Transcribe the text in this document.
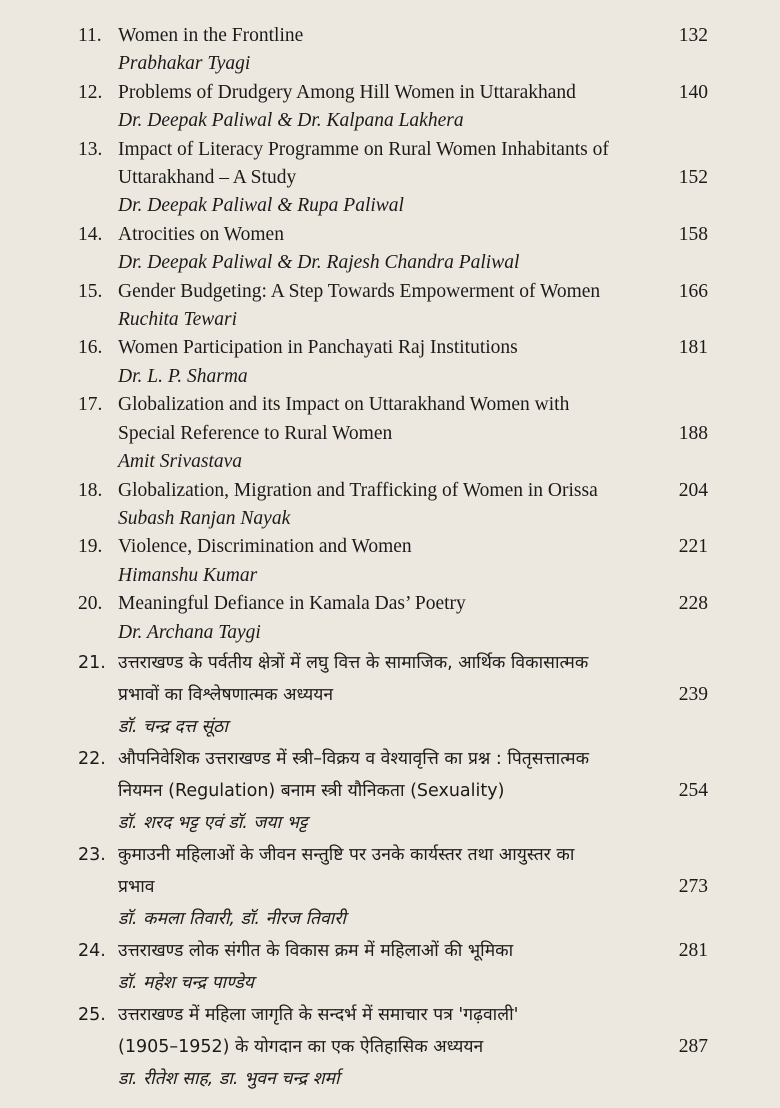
11. Women in the Frontline	132
Prabhakar Tyagi
12. Problems of Drudgery Among Hill Women in Uttarakhand	140
Dr. Deepak Paliwal & Dr. Kalpana Lakhera
13. Impact of Literacy Programme on Rural Women Inhabitants of
Uttarakhand – A Study	152
Dr. Deepak Paliwal & Rupa Paliwal
14. Atrocities on Women	158
Dr. Deepak Paliwal & Dr. Rajesh Chandra Paliwal
15. Gender Budgeting: A Step Towards Empowerment of Women	166
Ruchita Tewari
16. Women Participation in Panchayati Raj Institutions	181
Dr. L. P. Sharma
17. Globalization and its Impact on Uttarakhand Women with
Special Reference to Rural Women	188
Amit Srivastava
18. Globalization, Migration and Trafficking of Women in Orissa	204
Subash Ranjan Nayak
19. Violence, Discrimination and Women	221
Himanshu Kumar
20. Meaningful Defiance in Kamala Das’ Poetry	228
Dr. Archana Taygi
21. उत्तराखण्ड के पर्वतीय क्षेत्रों में लघु वित्त के सामाजिक, आर्थिक विकासात्मक
प्रभावों का विश्लेषणात्मक अध्ययन	239
डॉ. चन्द्र दत्त सूंठा
22. औपनिवेशिक उत्तराखण्ड में स्त्री–विक्रय व वेश्यावृत्ति का प्रश्न : पितृसत्तात्मक
नियमन (Regulation) बनाम स्त्री यौनिकता (Sexuality)	254
डॉ. शरद भट्ट एवं डॉ. जया भट्ट
23. कुमाउनी महिलाओं के जीवन सन्तुष्टि पर उनके कार्यस्तर तथा आयुस्तर का
प्रभाव	273
डॉ. कमला तिवारी, डॉ. नीरज तिवारी
24. उत्तराखण्ड लोक संगीत के विकास क्रम में महिलाओं की भूमिका	281
डॉ. महेश चन्द्र पाण्डेय
25. उत्तराखण्ड में महिला जागृति के सन्दर्भ में समाचार पत्र 'गढ़वाली'
(1905–1952) के योगदान का एक ऐतिहासिक अध्ययन	287
डा. रीतेश साह, डा. भुवन चन्द्र शर्मा
